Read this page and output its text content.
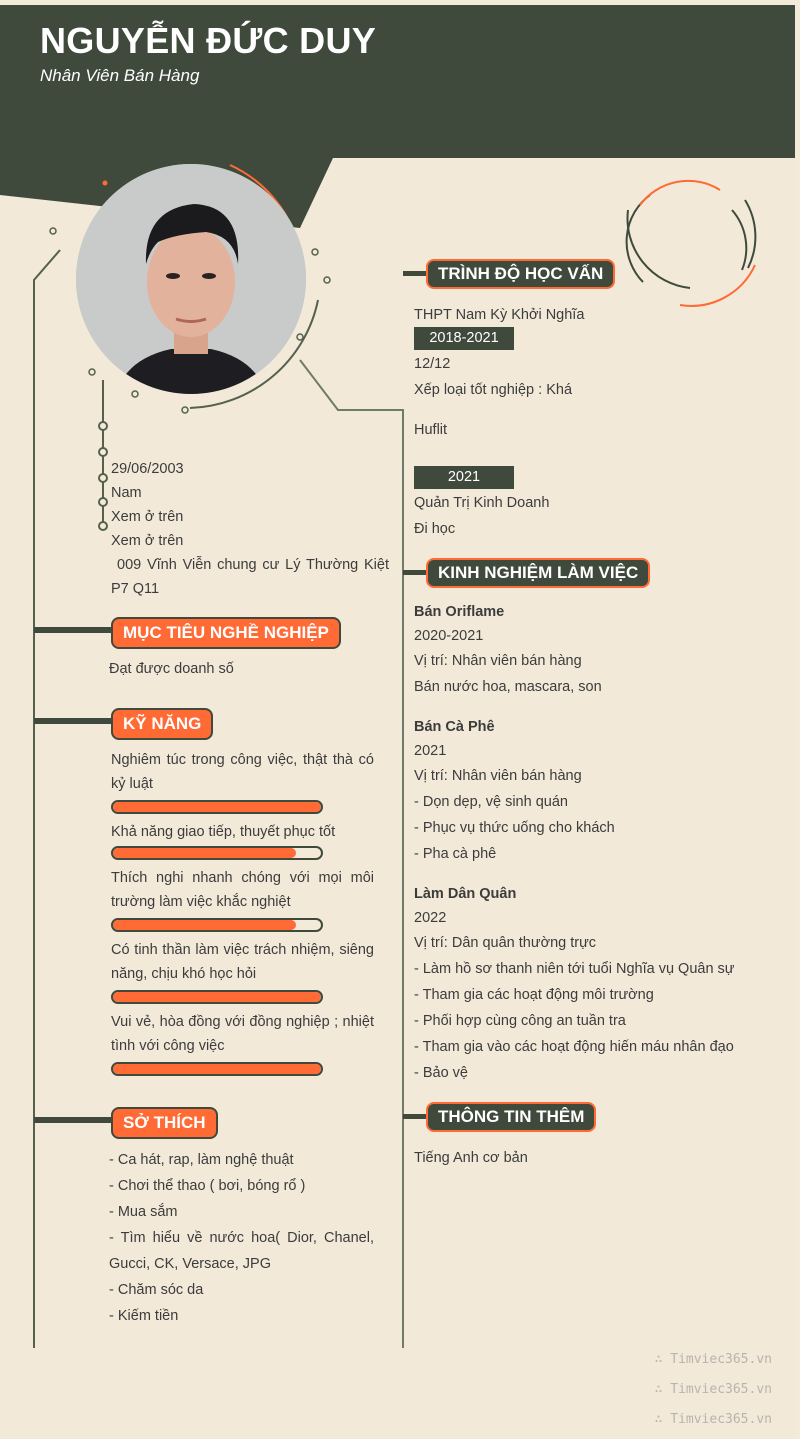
NGUYỄN ĐỨC DUY
Nhân Viên Bán Hàng
29/06/2003
Nam
Xem ở trên
Xem ở trên
009 Vĩnh Viễn chung cư Lý Thường Kiệt P7 Q11
MỤC TIÊU NGHỀ NGHIỆP
Đạt được doanh số
KỸ NĂNG
Nghiêm túc trong công việc, thật thà có kỷ luật
Khả năng giao tiếp, thuyết phục tốt
Thích nghi nhanh chóng với mọi môi trường làm việc khắc nghiệt
Có tinh thần làm việc trách nhiệm, siêng năng, chịu khó học hỏi
Vui vẻ, hòa đồng với đồng nghiệp ; nhiệt tình với công việc
SỞ THÍCH
- Ca hát, rap, làm nghệ thuật
- Chơi thể thao ( bơi, bóng rổ )
- Mua sắm
- Tìm hiểu về nước hoa( Dior, Chanel, Gucci, CK, Versace, JPG
- Chăm sóc da
- Kiếm tiền
TRÌNH ĐỘ HỌC VẤN
THPT Nam Kỳ Khởi Nghĩa
2018-2021
12/12
Xếp loại tốt nghiệp : Khá
Huflit
2021
Quản Trị Kinh Doanh
Đi học
KINH NGHIỆM LÀM VIỆC
Bán Oriflame
2020-2021
Vị trí: Nhân viên bán hàng
Bán nước hoa, mascara, son
Bán Cà Phê
2021
Vị trí: Nhân viên bán hàng
- Dọn dẹp, vệ sinh quán
- Phục vụ thức uống cho khách
- Pha cà phê
Làm Dân Quân
2022
Vị trí: Dân quân thường trực
- Làm hồ sơ thanh niên tới tuổi Nghĩa vụ Quân sự
- Tham gia các hoạt động môi trường
- Phối hợp cùng công an tuần tra
- Tham gia vào các hoạt động hiến máu nhân đạo
- Bảo vệ
THÔNG TIN THÊM
Tiếng Anh cơ bản
∴ Timviec365.vn
∴ Timviec365.vn
∴ Timviec365.vn
